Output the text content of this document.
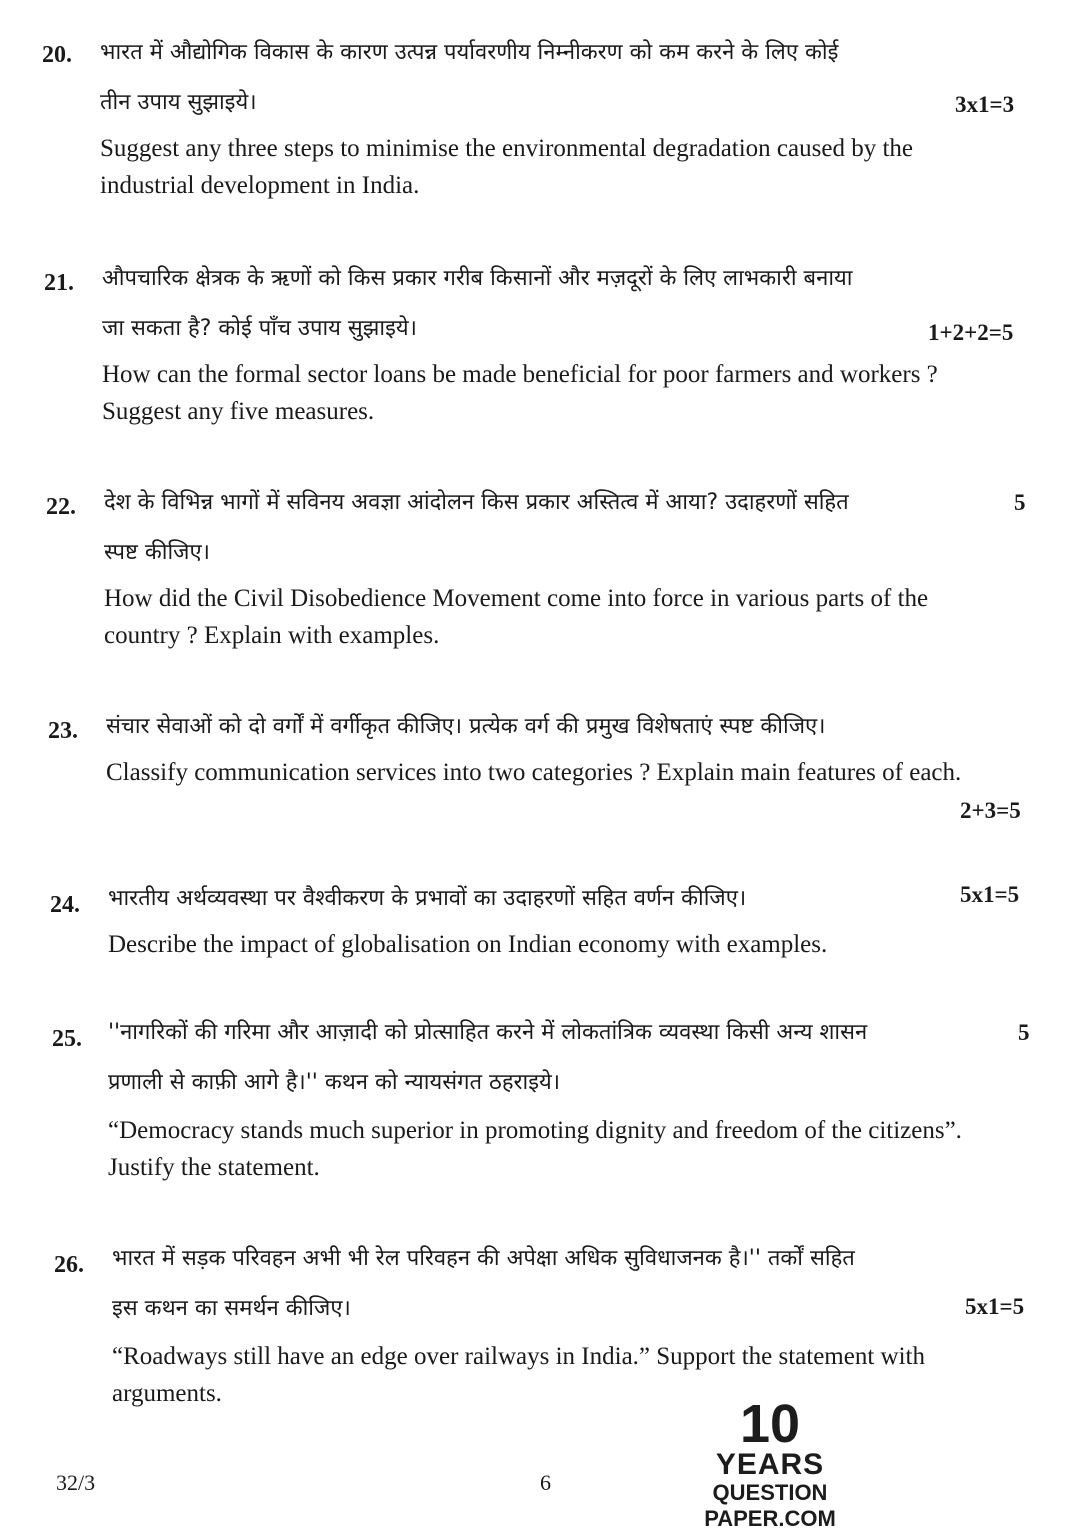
20. भारत में औद्योगिक विकास के कारण उत्पन्न पर्यावरणीय निम्नीकरण को कम करने के लिए कोई
तीन उपाय सुझाइये।	3x1=3
Suggest any three steps to minimise the environmental degradation caused by the industrial development in India.
21. औपचारिक क्षेत्रक के ऋणों को किस प्रकार गरीब किसानों और मज़दूरों के लिए लाभकारी बनाया
जा सकता है? कोई पाँच उपाय सुझाइये।	1+2+2=5
How can the formal sector loans be made beneficial for poor farmers and workers ? Suggest any five measures.
22. देश के विभिन्न भागों में सविनय अवज्ञा आंदोलन किस प्रकार अस्तित्व में आया? उदाहरणों सहित
स्पष्ट कीजिए।
5
How did the Civil Disobedience Movement come into force in various parts of the country ? Explain with examples.
23. संचार सेवाओं को दो वर्गों में वर्गीकृत कीजिए। प्रत्येक वर्ग की प्रमुख विशेषताएं स्पष्ट कीजिए।
Classify communication services into two categories ? Explain main features of each.
2+3=5
24. भारतीय अर्थव्यवस्था पर वैश्वीकरण के प्रभावों का उदाहरणों सहित वर्णन कीजिए।	5x1=5
Describe the impact of globalisation on Indian economy with examples.
25. ''नागरिकों की गरिमा और आज़ादी को प्रोत्साहित करने में लोकतांत्रिक व्यवस्था किसी अन्य शासन
प्रणाली से काफ़ी आगे है।'' कथन को न्यायसंगत ठहराइये।
5
“Democracy stands much superior in promoting dignity and freedom of the citizens”. Justify the statement.
26. भारत में सड़क परिवहन अभी भी रेल परिवहन की अपेक्षा अधिक सुविधाजनक है।'' तर्कों सहित
इस कथन का समर्थन कीजिए।	5x1=5
“Roadways still have an edge over railways in India.” Support the statement with arguments.
32/3	6
10
YEARS
QUESTION PAPER.COM
